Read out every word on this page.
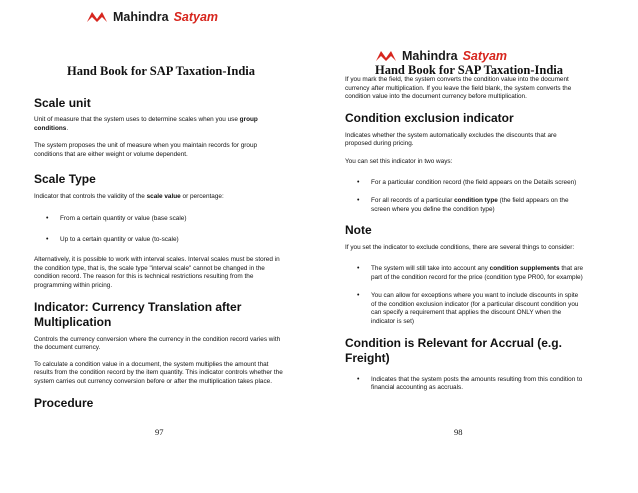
Mahindra Satyam
Hand Book for SAP Taxation-India
Scale unit

Unit of measure that the system uses to determine scales when you use group conditions.

The system proposes the unit of measure when you maintain records for group conditions that are either weight or volume dependent.

Scale Type

Indicator that controls the validity of the scale value or percentage:

• From a certain quantity or value (base scale)

• Up to a certain quantity or value (to-scale)

Alternatively, it is possible to work with interval scales. Interval scales must be stored in the condition type, that is, the scale type "interval scale" cannot be changed in the condition record. The reason for this is technical restrictions resulting from the programming within pricing.

Indicator: Currency Translation after Multiplication

Controls the currency conversion where the currency in the condition record varies with the document currency.

To calculate a condition value in a document, the system multiplies the amount that results from the condition record by the item quantity. This indicator controls whether the system carries out currency conversion before or after the multiplication takes place.

Procedure
97
Mahindra Satyam
Hand Book for SAP Taxation-India

If you mark the field, the system converts the condition value into the document currency after multiplication. If you leave the field blank, the system converts the condition value into the document currency before multiplication.

Condition exclusion indicator

Indicates whether the system automatically excludes the discounts that are proposed during pricing.

You can set this indicator in two ways:

• For a particular condition record (the field appears on the Details screen)

• For all records of a particular condition type (the field appears on the screen where you define the condition type)

Note

If you set the indicator to exclude conditions, there are several things to consider:

• The system will still take into account any condition supplements that are part of the condition record for the price (condition type PR00, for example)

• You can allow for exceptions where you want to include discounts in spite of the condition exclusion indicator (for a particular discount condition you can specify a requirement that applies the discount ONLY when the indicator is set)

Condition is Relevant for Accrual (e.g. Freight)

• Indicates that the system posts the amounts resulting from this condition to financial accounting as accruals.

98
